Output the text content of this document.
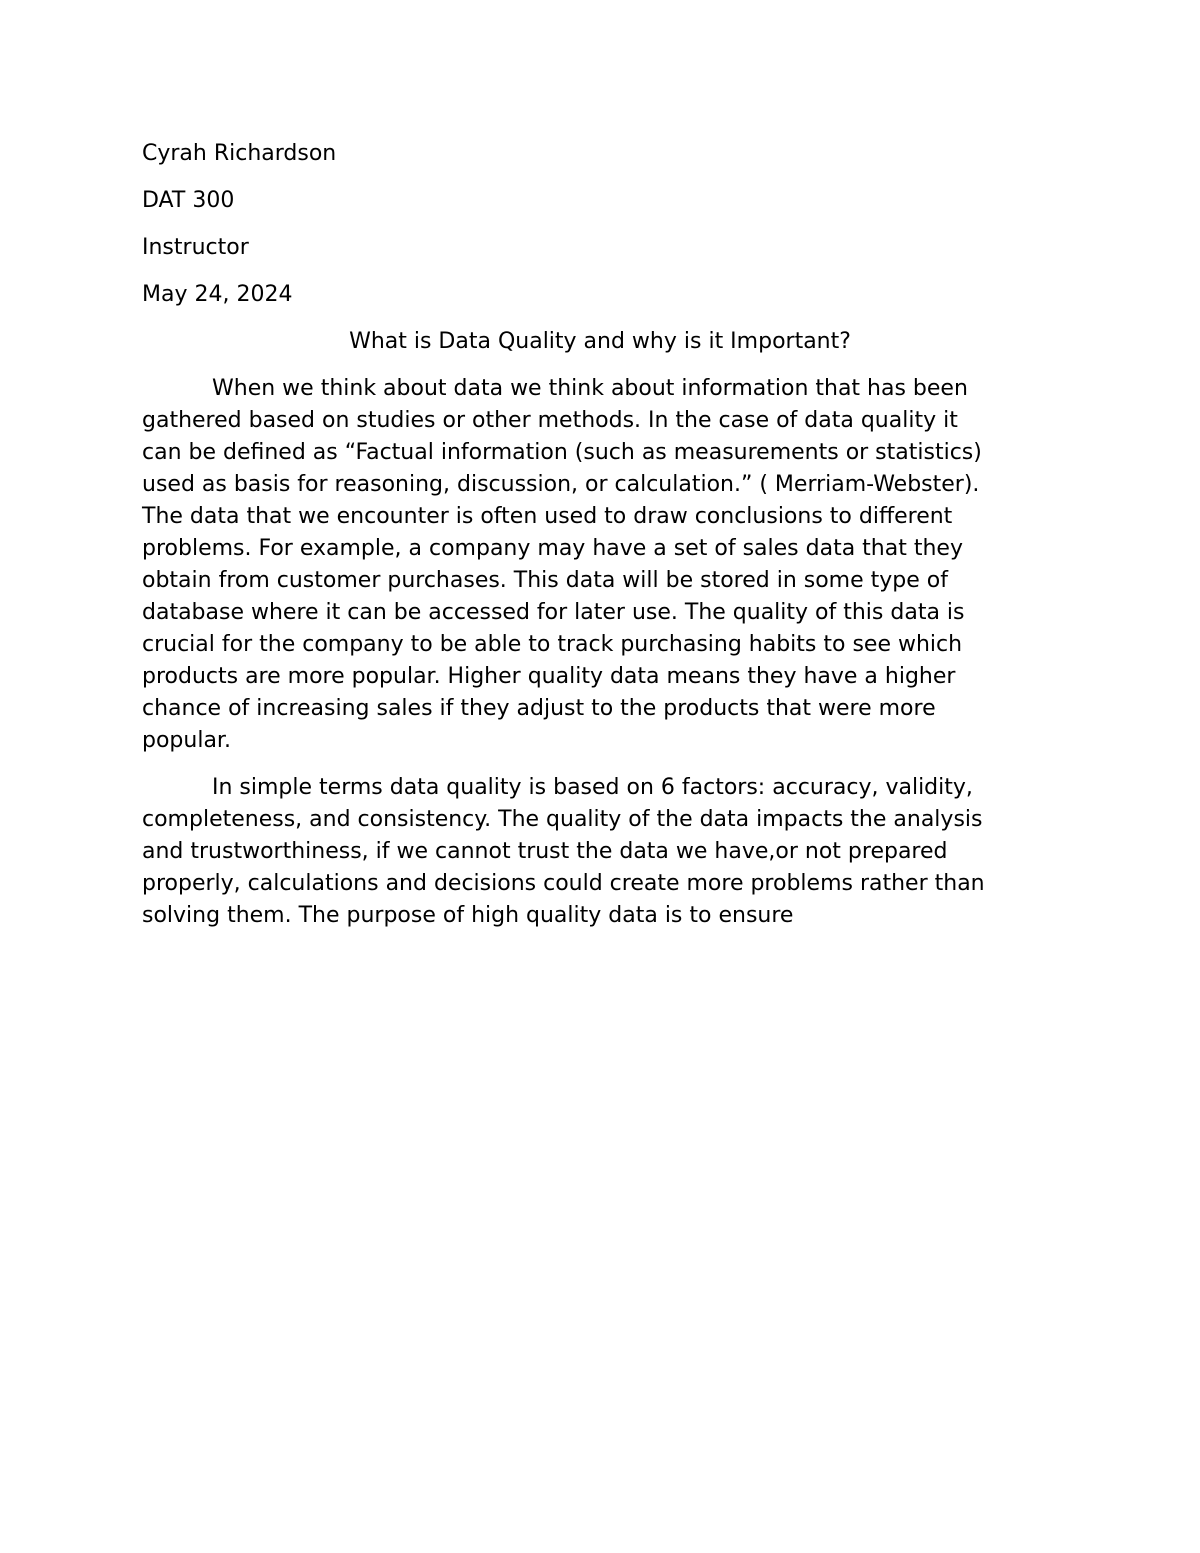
Cyrah Richardson
DAT 300
Instructor
May 24, 2024
What is Data Quality and why is it Important?
When we think about data we think about information that has been
gathered based on studies or other methods. In the case of data quality it
can be defined as “Factual information (such as measurements or statistics)
used as basis for reasoning, discussion, or calculation.” ( Merriam-Webster).
The data that we encounter is often used to draw conclusions to different
problems. For example, a company may have a set of sales data that they
obtain from customer purchases. This data will be stored in some type of
database where it can be accessed for later use. The quality of this data is
crucial for the company to be able to track purchasing habits to see which
products are more popular. Higher quality data means they have a higher
chance of increasing sales if they adjust to the products that were more
popular.
In simple terms data quality is based on 6 factors: accuracy, validity,
completeness, and consistency. The quality of the data impacts the analysis
and trustworthiness, if we cannot trust the data we have,or not prepared
properly, calculations and decisions could create more problems rather than
solving them. The purpose of high quality data is to ensure
